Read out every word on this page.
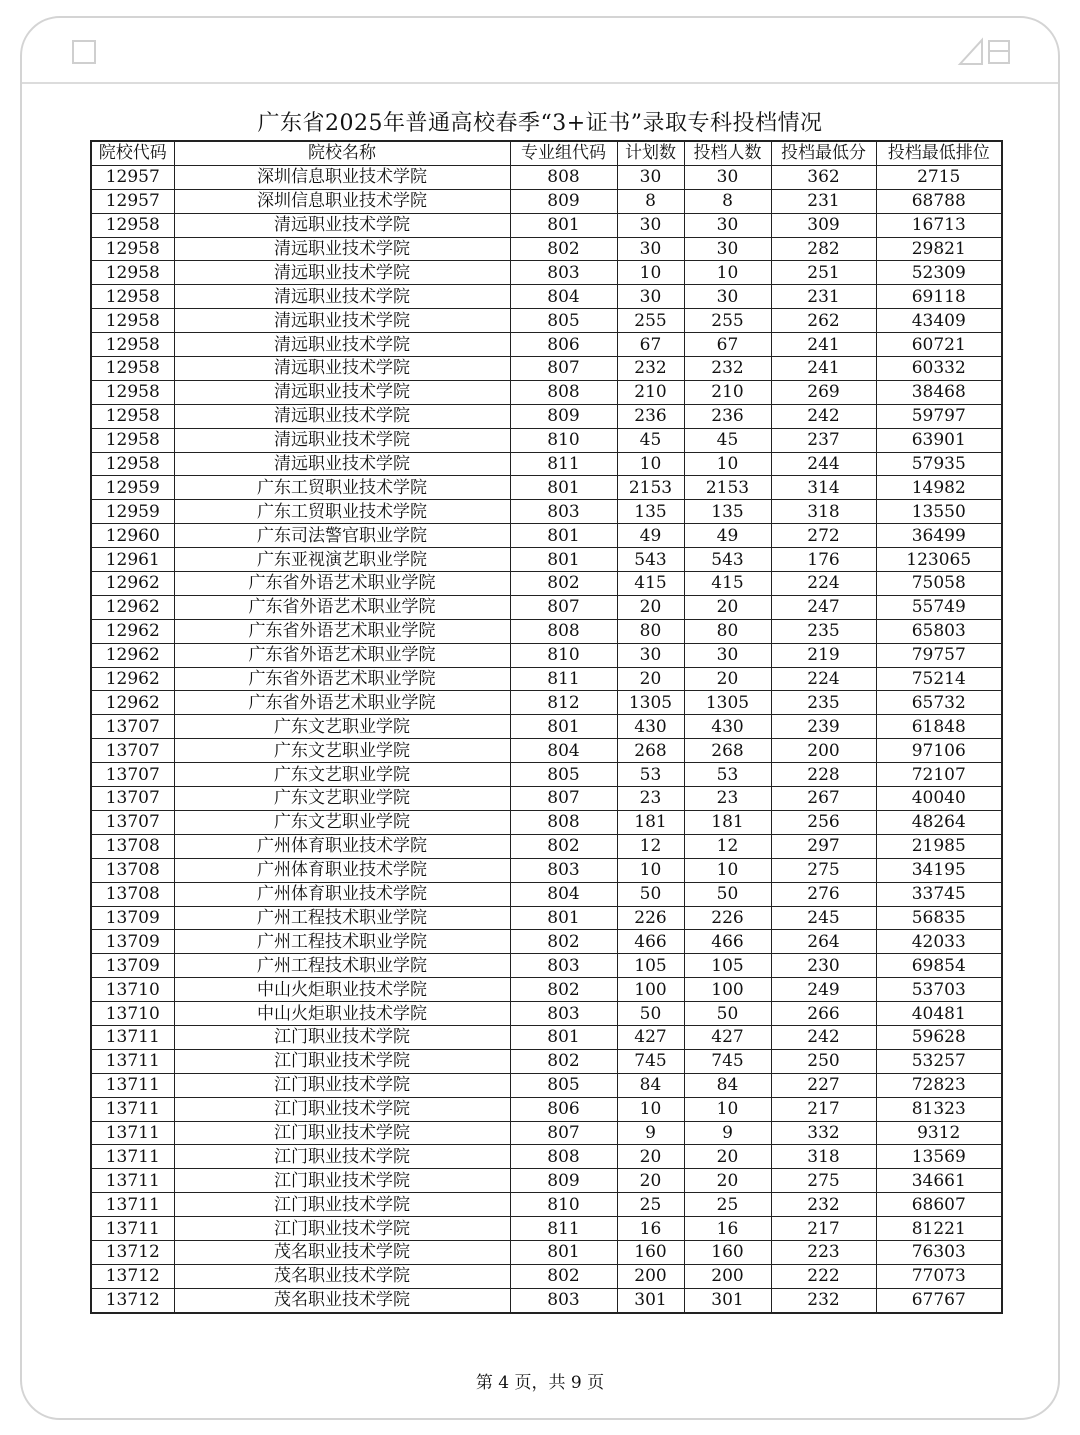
广东省2025年普通高校春季“3+证书”录取专科投档情况
院校代码	院校名称	专业组代码	计划数	投档人数	投档最低分	投档最低排位
12957	深圳信息职业技术学院	808	30	30	362	2715
12957	深圳信息职业技术学院	809	8	8	231	68788
12958	清远职业技术学院	801	30	30	309	16713
12958	清远职业技术学院	802	30	30	282	29821
12958	清远职业技术学院	803	10	10	251	52309
12958	清远职业技术学院	804	30	30	231	69118
12958	清远职业技术学院	805	255	255	262	43409
12958	清远职业技术学院	806	67	67	241	60721
12958	清远职业技术学院	807	232	232	241	60332
12958	清远职业技术学院	808	210	210	269	38468
12958	清远职业技术学院	809	236	236	242	59797
12958	清远职业技术学院	810	45	45	237	63901
12958	清远职业技术学院	811	10	10	244	57935
12959	广东工贸职业技术学院	801	2153	2153	314	14982
12959	广东工贸职业技术学院	803	135	135	318	13550
12960	广东司法警官职业学院	801	49	49	272	36499
12961	广东亚视演艺职业学院	801	543	543	176	123065
12962	广东省外语艺术职业学院	802	415	415	224	75058
12962	广东省外语艺术职业学院	807	20	20	247	55749
12962	广东省外语艺术职业学院	808	80	80	235	65803
12962	广东省外语艺术职业学院	810	30	30	219	79757
12962	广东省外语艺术职业学院	811	20	20	224	75214
12962	广东省外语艺术职业学院	812	1305	1305	235	65732
13707	广东文艺职业学院	801	430	430	239	61848
13707	广东文艺职业学院	804	268	268	200	97106
13707	广东文艺职业学院	805	53	53	228	72107
13707	广东文艺职业学院	807	23	23	267	40040
13707	广东文艺职业学院	808	181	181	256	48264
13708	广州体育职业技术学院	802	12	12	297	21985
13708	广州体育职业技术学院	803	10	10	275	34195
13708	广州体育职业技术学院	804	50	50	276	33745
13709	广州工程技术职业学院	801	226	226	245	56835
13709	广州工程技术职业学院	802	466	466	264	42033
13709	广州工程技术职业学院	803	105	105	230	69854
13710	中山火炬职业技术学院	802	100	100	249	53703
13710	中山火炬职业技术学院	803	50	50	266	40481
13711	江门职业技术学院	801	427	427	242	59628
13711	江门职业技术学院	802	745	745	250	53257
13711	江门职业技术学院	805	84	84	227	72823
13711	江门职业技术学院	806	10	10	217	81323
13711	江门职业技术学院	807	9	9	332	9312
13711	江门职业技术学院	808	20	20	318	13569
13711	江门职业技术学院	809	20	20	275	34661
13711	江门职业技术学院	810	25	25	232	68607
13711	江门职业技术学院	811	16	16	217	81221
13712	茂名职业技术学院	801	160	160	223	76303
13712	茂名职业技术学院	802	200	200	222	77073
13712	茂名职业技术学院	803	301	301	232	67767
第 4 页，共 9 页
